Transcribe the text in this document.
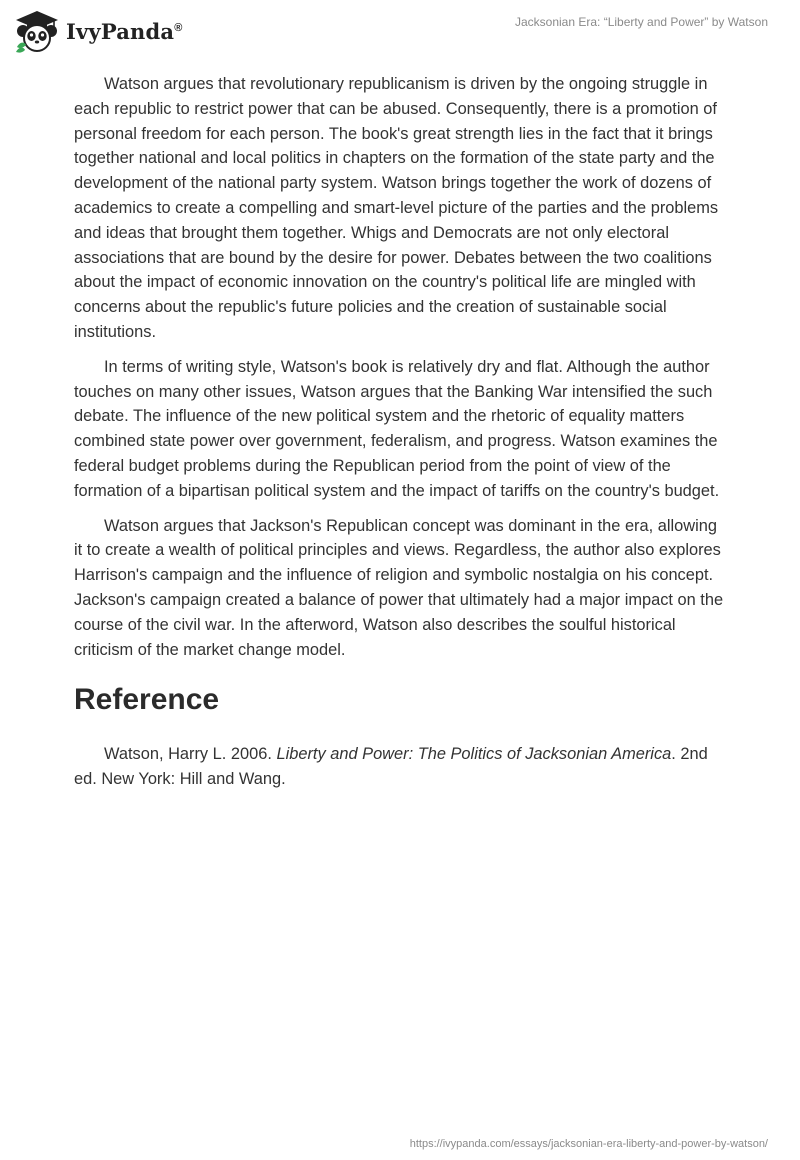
IvyPanda®	Jacksonian Era: “Liberty and Power” by Watson

Watson argues that revolutionary republicanism is driven by the ongoing struggle in each republic to restrict power that can be abused. Consequently, there is a promotion of personal freedom for each person. The book's great strength lies in the fact that it brings together national and local politics in chapters on the formation of the state party and the development of the national party system. Watson brings together the work of dozens of academics to create a compelling and smart-level picture of the parties and the problems and ideas that brought them together. Whigs and Democrats are not only electoral associations that are bound by the desire for power. Debates between the two coalitions about the impact of economic innovation on the country's political life are mingled with concerns about the republic's future policies and the creation of sustainable social institutions.

In terms of writing style, Watson's book is relatively dry and flat. Although the author touches on many other issues, Watson argues that the Banking War intensified the such debate. The influence of the new political system and the rhetoric of equality matters combined state power over government, federalism, and progress. Watson examines the federal budget problems during the Republican period from the point of view of the formation of a bipartisan political system and the impact of tariffs on the country's budget.

Watson argues that Jackson's Republican concept was dominant in the era, allowing it to create a wealth of political principles and views. Regardless, the author also explores Harrison's campaign and the influence of religion and symbolic nostalgia on his concept. Jackson's campaign created a balance of power that ultimately had a major impact on the course of the civil war. In the afterword, Watson also describes the soulful historical criticism of the market change model.

Reference

Watson, Harry L. 2006. Liberty and Power: The Politics of Jacksonian America. 2nd ed. New York: Hill and Wang.

https://ivypanda.com/essays/jacksonian-era-liberty-and-power-by-watson/
